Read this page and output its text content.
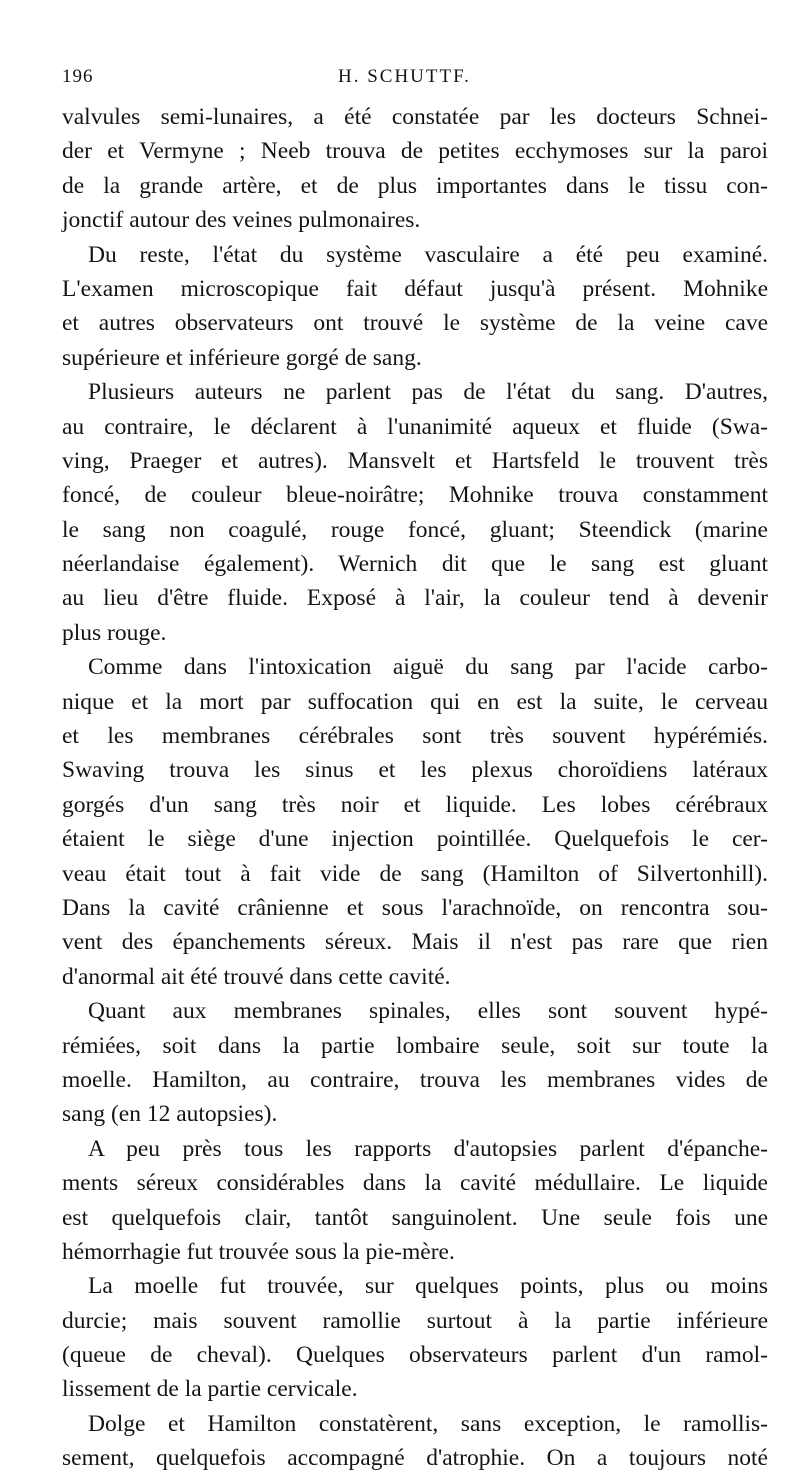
196	H. SCHUTTF.
valvules semi-lunaires, a été constatée par les docteurs Schnei-
der et Vermyne ; Neeb trouva de petites ecchymoses sur la paroi
de la grande artère, et de plus importantes dans le tissu con-
jonctif autour des veines pulmonaires.
Du reste, l'état du système vasculaire a été peu examiné.
L'examen microscopique fait défaut jusqu'à présent. Mohnike
et autres observateurs ont trouvé le système de la veine cave
supérieure et inférieure gorgé de sang.
Plusieurs auteurs ne parlent pas de l'état du sang. D'autres,
au contraire, le déclarent à l'unanimité aqueux et fluide (Swa-
ving, Praeger et autres). Mansvelt et Hartsfeld le trouvent très
foncé, de couleur bleue-noirâtre; Mohnike trouva constamment
le sang non coagulé, rouge foncé, gluant; Steendick (marine
néerlandaise également). Wernich dit que le sang est gluant
au lieu d'être fluide. Exposé à l'air, la couleur tend à devenir
plus rouge.
Comme dans l'intoxication aiguë du sang par l'acide carbo-
nique et la mort par suffocation qui en est la suite, le cerveau
et les membranes cérébrales sont très souvent hypérémiés.
Swaving trouva les sinus et les plexus choroïdiens latéraux
gorgés d'un sang très noir et liquide. Les lobes cérébraux
étaient le siège d'une injection pointillée. Quelquefois le cer-
veau était tout à fait vide de sang (Hamilton of Silvertonhill).
Dans la cavité crânienne et sous l'arachnoïde, on rencontra sou-
vent des épanchements séreux. Mais il n'est pas rare que rien
d'anormal ait été trouvé dans cette cavité.
Quant aux membranes spinales, elles sont souvent hypé-
rémiées, soit dans la partie lombaire seule, soit sur toute la
moelle. Hamilton, au contraire, trouva les membranes vides de
sang (en 12 autopsies).
A peu près tous les rapports d'autopsies parlent d'épanche-
ments séreux considérables dans la cavité médullaire. Le liquide
est quelquefois clair, tantôt sanguinolent. Une seule fois une
hémorrhagie fut trouvée sous la pie-mère.
La moelle fut trouvée, sur quelques points, plus ou moins
durcie; mais souvent ramollie surtout à la partie inférieure
(queue de cheval). Quelques observateurs parlent d'un ramol-
lissement de la partie cervicale.
Dolge et Hamilton constatèrent, sans exception, le ramollis-
sement, quelquefois accompagné d'atrophie. On a toujours noté
